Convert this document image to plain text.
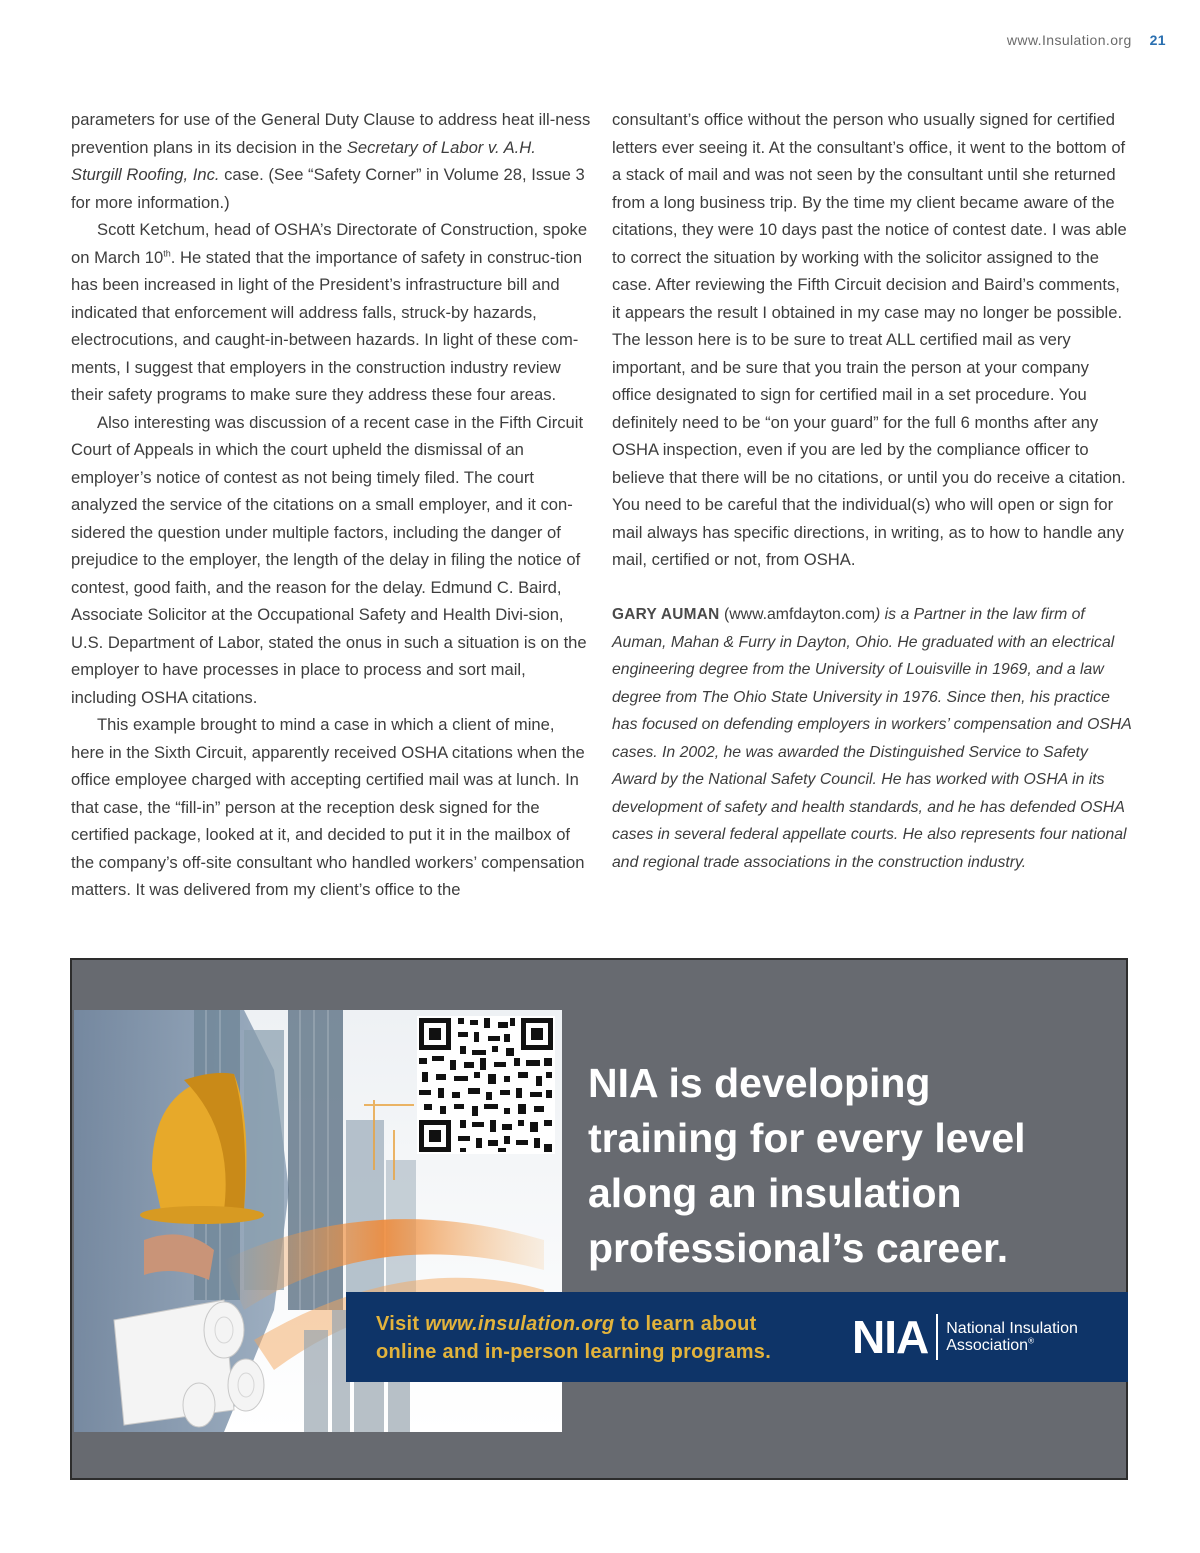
www.Insulation.org 21

parameters for use of the General Duty Clause to address heat ill-ness prevention plans in its decision in the Secretary of Labor v. A.H. Sturgill Roofing, Inc. case. (See “Safety Corner” in Volume 28, Issue 3 for more information.)

Scott Ketchum, head of OSHA’s Directorate of Construction, spoke on March 10th. He stated that the importance of safety in construc-tion has been increased in light of the President’s infrastructure bill and indicated that enforcement will address falls, struck-by hazards, electrocutions, and caught-in-between hazards. In light of these com-ments, I suggest that employers in the construction industry review their safety programs to make sure they address these four areas.

Also interesting was discussion of a recent case in the Fifth Circuit Court of Appeals in which the court upheld the dismissal of an employer’s notice of contest as not being timely filed. The court analyzed the service of the citations on a small employer, and it con-sidered the question under multiple factors, including the danger of prejudice to the employer, the length of the delay in filing the notice of contest, good faith, and the reason for the delay. Edmund C. Baird, Associate Solicitor at the Occupational Safety and Health Divi-sion, U.S. Department of Labor, stated the onus in such a situation is on the employer to have processes in place to process and sort mail, including OSHA citations.

This example brought to mind a case in which a client of mine, here in the Sixth Circuit, apparently received OSHA citations when the office employee charged with accepting certified mail was at lunch. In that case, the “fill-in” person at the reception desk signed for the certified package, looked at it, and decided to put it in the mailbox of the company’s off-site consultant who handled workers’ compensation matters. It was delivered from my client’s office to the

consultant’s office without the person who usually signed for certified letters ever seeing it. At the consultant’s office, it went to the bottom of a stack of mail and was not seen by the consultant until she returned from a long business trip. By the time my client became aware of the citations, they were 10 days past the notice of contest date. I was able to correct the situation by working with the solicitor assigned to the case. After reviewing the Fifth Circuit decision and Baird’s comments, it appears the result I obtained in my case may no longer be possible. The lesson here is to be sure to treat ALL certified mail as very important, and be sure that you train the person at your company office designated to sign for certified mail in a set procedure. You definitely need to be “on your guard” for the full 6 months after any OSHA inspection, even if you are led by the compliance officer to believe that there will be no citations, or until you do receive a citation. You need to be careful that the individual(s) who will open or sign for mail always has specific directions, in writing, as to how to handle any mail, certified or not, from OSHA.

GARY AUMAN (www.amfdayton.com) is a Partner in the law firm of Auman, Mahan & Furry in Dayton, Ohio. He graduated with an electrical engineering degree from the University of Louisville in 1969, and a law degree from The Ohio State University in 1976. Since then, his practice has focused on defending employers in workers’ compensation and OSHA cases. In 2002, he was awarded the Distinguished Service to Safety Award by the National Safety Council. He has worked with OSHA in its development of safety and health standards, and he has defended OSHA cases in several federal appellate courts. He also represents four national and regional trade associations in the construction industry.

NIA is developing
training for every level
along an insulation
professional’s career.
Visit www.insulation.org to learn about
online and in-person learning programs. NIA National Insulation
Association®
